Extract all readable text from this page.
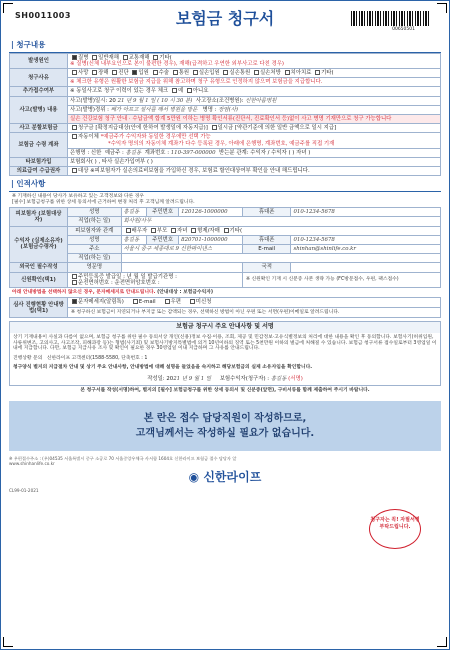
SH0011003	보험금 청구서
00650501
| 청구내용
발생원인	질병 일반재해 교통재해 기타(
※ 질병(신체 내부요인으로 본이 불편한 경우), 재해(급격하고 우연한 외부사고로 다친 경우)

청구사유	사망 장해 진단 입원 수술 통원 실손입원 실손통원 실손처방 치아치료 기타(
	※ 체크한 유형은 원활한 보험금 지급을 위해 참고하며 청구 유형으로 인정하지 않으며 보험금을 지급합니다.
추가접수여부	※ 동일사고로 청구 이력이 있는 경우 체크 예 아니요
사고(발병) 내용	사고(발병)일시: 20 21 년 9 월 1 일 ( 10 시 30 분) 사고장소(조건병원): 신한아름병원
	사고(발병)경위 : 배가 아프고 설사를 해서 병원을 방문 병명 : 장염(사)
	실손 건강보험 청구 안내 · 수납금액 합계 5만원 이하는 병명 확인서류(진단서, 진료확인서 등)없이 사고 병명 기재만으로 청구 가능합니다
사고 분할보험금	청구금 [확정지급대상(안에 한하여 발생일에 자동지급)] 일시금 [약관기준에 의한 일반 금액으로 일시 지급]
보험금 수령 계좌	자동이체 *예금주가 수익자와 동일한 경우에만 선택 가능
*수익자 명의의 자동이체 계좌가 다수 등록된 경우, 아래에 은행명, 계좌번호, 예금주를 직접 기재

	은행명 : 신한 예금주 : 홍길동 계좌번호 : 110-397-000000 받는분 관계: 수익자 / 수익자 ( ) 자녀 )
타보험가입	보험회사( ) , 타사 실손가입여부 ( )
의료급여 수급권자	대상 ※피보험자가 실손의료비보험을 가입하신 경우, 보험료 할인대상여부 확인을 안내 해드립니다.
| 인적사항
※ 기재하신 내용이 당사가 보유하고 있는 고객정보와 다른 경우
[필수] 보험금청구를 위한 상세 동의서에 근거하여 변경 처리 후 고객님께 알려드립니다.
피보험자 (보험대상자)	성명	홍길동	주민번호	120126-1000000	휴대폰	010-1234-5678
	직업(하는 일)	회사원/사무				
수익자 (실제소유자) (보험금수령자)	피보험자와 관계	배우자 부모 자녀 형제/자매 기타(				
	성명	홍길동	주민번호	820701-1000000	휴대폰	010-1234-5678
	주소	서울시 중구 세종대로 9 신한파이낸스			E-mail	shinhan@shinlife.co.kr
	직업(하는 일)					
외국인 필수작성	영문명				국적	
신원확인(택1)	주민등록증 발급일 : 년 월 일 발급기관명 :
운전면허번호 : 운전면허암호번호 :				※ 신원확인 기재 시 신분증 사본 생략 가능 (FC방문접수, 우편, 팩스접수)	
아래 안내방법을 선택하지 않으신 경우, 문자메세지로 안내드립니다. (안내대상 : 보험금수익자)
심사 진행현황 안내방법(택1)	문자메세지(알림톡)	E-mail	우편	미신청
※ 청구하신 보험금이 지연되거나 부지급 또는 감액되는 경우, 선택하신 방법이 아닌 우편 또는 서면(우편)이메일로 알려드립니다.
보험금 청구시 주요 안내사항 및 서명
상기 기재내용이 사실과 다름이 없으며, 보험금 청구를 위한 필수 동의서상 개인(신용)정보 수집·이용, 조회, 제공 및 민감정보·고유식별정보의 처리에 대한 내용을 확인 후 동의합니다. 보험사기(허위입원, 사류위변조, 고의사고, 사고조작, 피해과장 등)는 형법(사기죄) 및 보험사기방지특별법에 의거 10년이하의 징역 또는 5천만원 이하의 벌금에 처해질 수 있습니다. 보험금 청구서류 접수일로부터 3영업일 이내에 지급합니다. 다만, 보험금 지급사유 조사 및 확인이 필요한 경우 30영업일 이내 지급하며 그 사유를 안내드립니다.
진행상황 문의 신한라이프 고객센터(1588-5580, 단축번호 : 1
청구양식 별지의 지급절차 안내 및 상기 주요 안내사항, 안내방법에 대해 설명을 들었음을 숙지하고 해당보험금의 실제 소유자임을 확인합니다.
작성일: 2021 년 9 월 1 일 보험수익자(청구자) : 홍길동 (서명)
청구자는 꼭! 자필서명 부탁드립니다.
본 청구서를 작성(서명)하여, 별지의 [필수] 보험금청구를 위한 상세 동의서 및 신분증(앞면), 구비서류를 함께 제출하여 주시기 바랍니다.
본 란은 접수 담당직원이 작성하므로,
고객님께서는 작성하실 필요가 없습니다.
※ 우편접수주소 : (우)04535 서울특별시 중구 소공로 70 서울중앙우체국 사서함 1604호 신한라이프 보험금 접수 담당자 앞
www.shinhanlife.co.kr
◉ 신한라이프
CL99-01-2021
